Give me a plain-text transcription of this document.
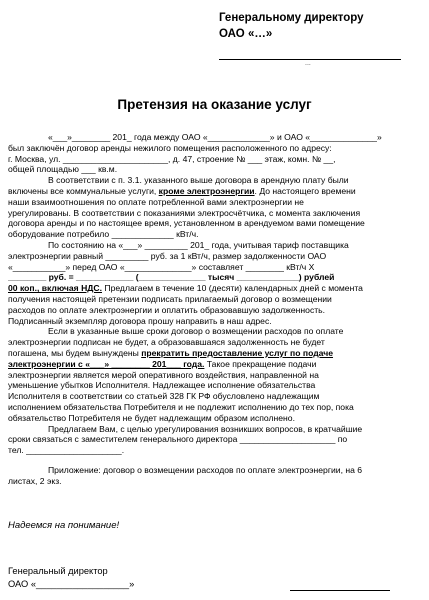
Генеральному директору
ОАО «…»
...
Претензия на оказание услуг
«___»________ 201_ года между ОАО «_____________» и ОАО «______________»
был заключён договор аренды нежилого помещения расположенного по адресу:
г. Москва, ул. ______________________, д. 47, строение № ___ этаж, комн. № __,
общей площадью ___ кв.м.
В соответствии с п. 3.1. указанного выше договора в арендную плату были
включены все коммунальные услуги, кроме электроэнергии. До настоящего времени
наши взаимоотношения по оплате потребленной вами электроэнергии не
урегулированы. В соответствии с показаниями электросчётчика, с момента заключения
договора аренды и по настоящее время, установленном в арендуемом вами помещение
оборудование потребило _____________ кВт/ч.
По состоянию на «___» _________ 201_ года, учитывая тариф поставщика
электроэнергии равный _________ руб. за 1 кВт/ч, размер задолженности ОАО
«___________» перед ОАО «______________» составляет ________ кВт/ч Х
________ руб. = ____________ (______________ тысяч _____________) рублей
00 коп., включая НДС. Предлагаем в течение 10 (десяти) календарных дней с момента
получения настоящей претензии подписать прилагаемый договор о возмещении
расходов по оплате электроэнергии и оплатить образовавшую задолженность.
Подписанный экземпляр договора прошу направить в наш адрес.
Если в указанные выше сроки договор о возмещении расходов по оплате
электроэнергии подписан не будет, а образовавшаяся задолженность не будет
погашена, мы будем вынуждены прекратить предоставление услуг по подаче
электроэнергии с «___» ________ 201___ года. Такое прекращение подачи
электроэнергии является мерой оперативного воздействия, направленной на
уменьшение убытков Исполнителя. Надлежащее исполнение обязательства
Исполнителя в соответствии со статьей 328 ГК РФ обусловлено надлежащим
исполнением обязательства Потребителя и не подлежит исполнению до тех пор, пока
обязательство Потребителя не будет надлежащим образом исполнено.
Предлагаем Вам, с целью урегулирования возникших вопросов, в кратчайшие
сроки связаться с заместителем генерального директора ____________________ по
тел. ____________________.
Приложение: договор о возмещении расходов по оплате электроэнергии, на 6
листах, 2 экз.
Надеемся на понимание!
Генеральный директор
ОАО «__________________»
